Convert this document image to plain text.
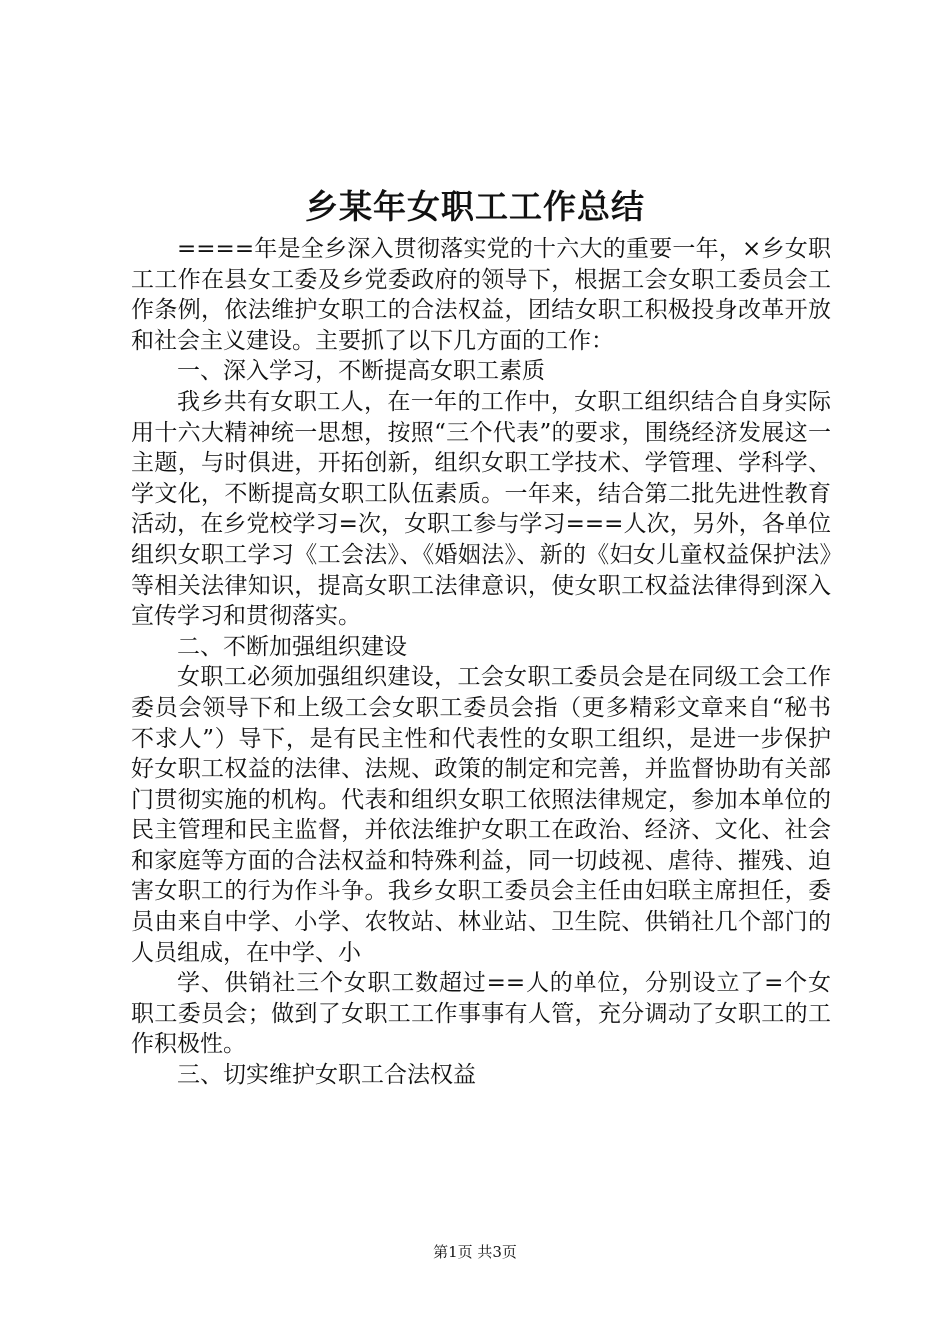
乡某年女职工工作总结

====年是全乡深入贯彻落实党的十六大的重要一年，×乡女职工工作在县女工委及乡党委政府的领导下，根据工会女职工委员会工作条例，依法维护女职工的合法权益，团结女职工积极投身改革开放和社会主义建设。主要抓了以下几方面的工作：

一、深入学习，不断提高女职工素质

我乡共有女职工人，在一年的工作中，女职工组织结合自身实际用十六大精神统一思想，按照“三个代表”的要求，围绕经济发展这一主题，与时俱进，开拓创新，组织女职工学技术、学管理、学科学、学文化，不断提高女职工队伍素质。一年来，结合第二批先进性教育活动，在乡党校学习=次，女职工参与学习===人次，另外，各单位组织女职工学习《工会法》、《婚姻法》、新的《妇女儿童权益保护法》等相关法律知识，提高女职工法律意识，使女职工权益法律得到深入宣传学习和贯彻落实。

二、不断加强组织建设

女职工必须加强组织建设，工会女职工委员会是在同级工会工作委员会领导下和上级工会女职工委员会指（更多精彩文章来自“秘书不求人”）导下，是有民主性和代表性的女职工组织，是进一步保护好女职工权益的法律、法规、政策的制定和完善，并监督协助有关部门贯彻实施的机构。代表和组织女职工依照法律规定，参加本单位的民主管理和民主监督，并依法维护女职工在政治、经济、文化、社会和家庭等方面的合法权益和特殊利益，同一切歧视、虐待、摧残、迫害女职工的行为作斗争。我乡女职工委员会主任由妇联主席担任，委员由来自中学、小学、农牧站、林业站、卫生院、供销社几个部门的人员组成，在中学、小

学、供销社三个女职工数超过==人的单位，分别设立了=个女职工委员会；做到了女职工工作事事有人管，充分调动了女职工的工作积极性。

三、切实维护女职工合法权益

第1页 共3页
